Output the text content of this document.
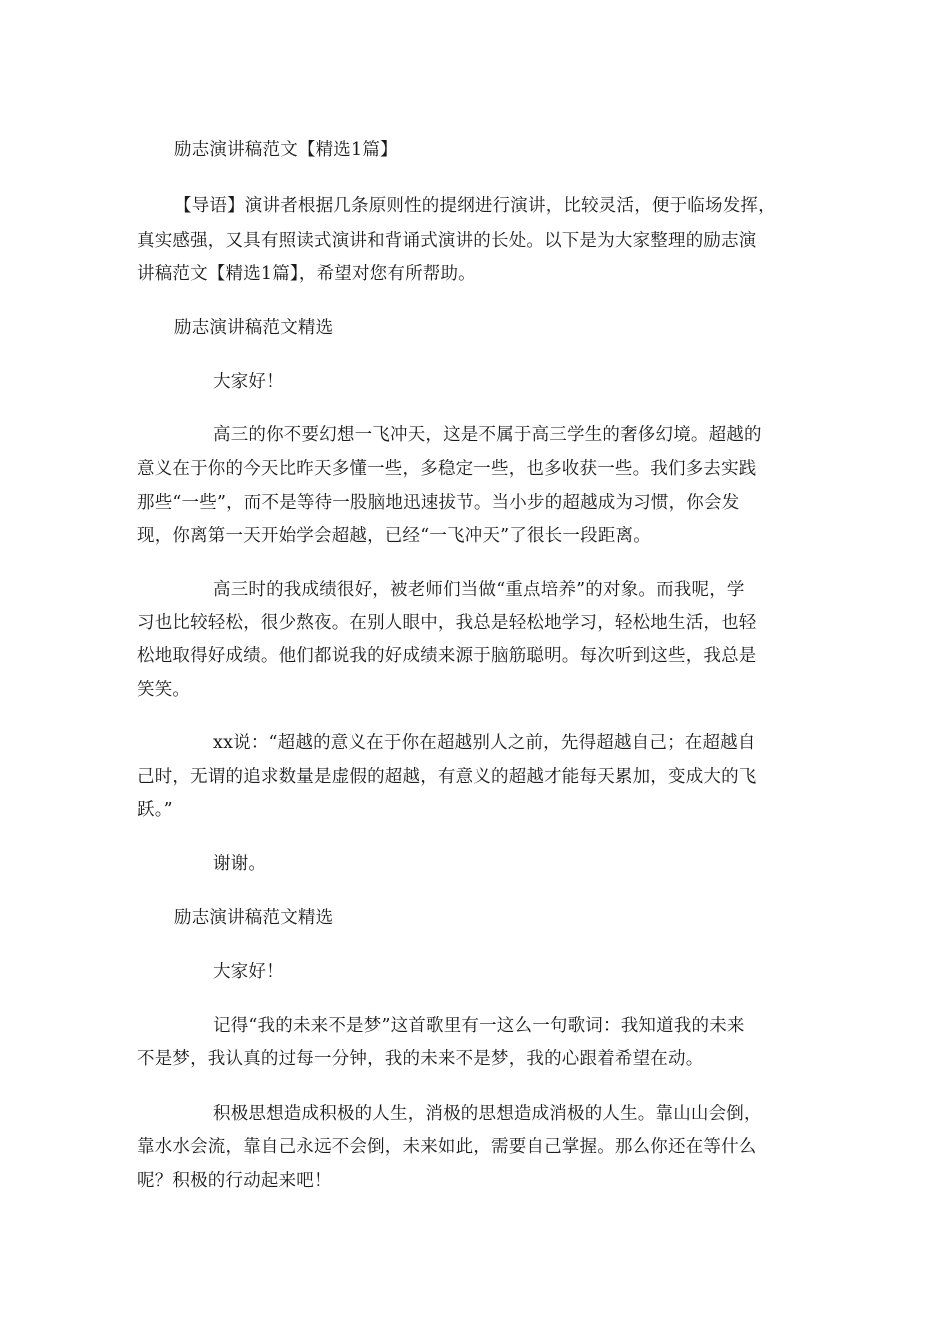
励志演讲稿范文【精选1篇】
【导语】演讲者根据几条原则性的提纲进行演讲，比较灵活，便于临场发挥，
真实感强，又具有照读式演讲和背诵式演讲的长处。以下是为大家整理的励志演
讲稿范文【精选1篇】，希望对您有所帮助。
励志演讲稿范文精选
大家好！
高三的你不要幻想一飞冲天，这是不属于高三学生的奢侈幻境。超越的
意义在于你的今天比昨天多懂一些，多稳定一些，也多收获一些。我们多去实践
那些“一些”，而不是等待一股脑地迅速拔节。当小步的超越成为习惯，你会发
现，你离第一天开始学会超越，已经“一飞冲天”了很长一段距离。
高三时的我成绩很好，被老师们当做“重点培养”的对象。而我呢，学
习也比较轻松，很少熬夜。在别人眼中，我总是轻松地学习，轻松地生活，也轻
松地取得好成绩。他们都说我的好成绩来源于脑筋聪明。每次听到这些，我总是
笑笑。
xx说：“超越的意义在于你在超越别人之前，先得超越自己；在超越自
己时，无谓的追求数量是虚假的超越，有意义的超越才能每天累加，变成大的飞
跃。”
谢谢。
励志演讲稿范文精选
大家好！
记得“我的未来不是梦”这首歌里有一这么一句歌词：我知道我的未来
不是梦，我认真的过每一分钟，我的未来不是梦，我的心跟着希望在动。
积极思想造成积极的人生，消极的思想造成消极的人生。靠山山会倒，
靠水水会流，靠自己永远不会倒，未来如此，需要自己掌握。那么你还在等什么
呢？积极的行动起来吧！
